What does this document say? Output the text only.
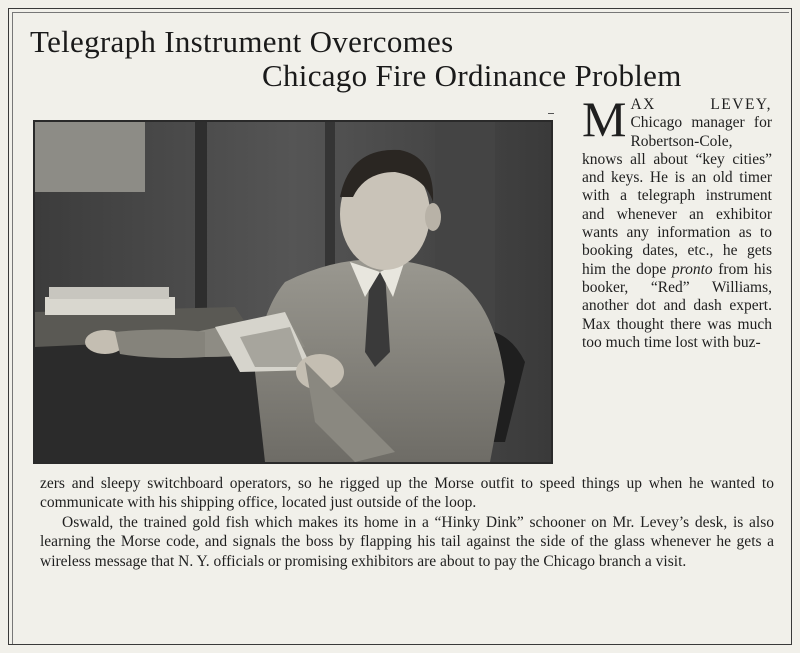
Telegraph Instrument Overcomes
Chicago Fire Ordinance Problem
M AX LEVEY, Chicago manager for Robertson-Cole, knows all about “key cities” and keys. He is an old timer with a telegraph instrument and whenever an exhibitor wants any information as to booking dates, etc., he gets him the dope pronto from his booker, “Red” Williams, another dot and dash expert. Max thought there was much too much time lost with buz-

zers and sleepy switchboard operators, so he rigged up the Morse outfit to speed things up when he wanted to communicate with his shipping office, located just outside of the loop.

Oswald, the trained gold fish which makes its home in a “Hinky Dink” schooner on Mr. Levey’s desk, is also learning the Morse code, and signals the boss by flapping his tail against the side of the glass whenever he gets a wireless message that N. Y. officials or promising exhibitors are about to pay the Chicago branch a visit.
